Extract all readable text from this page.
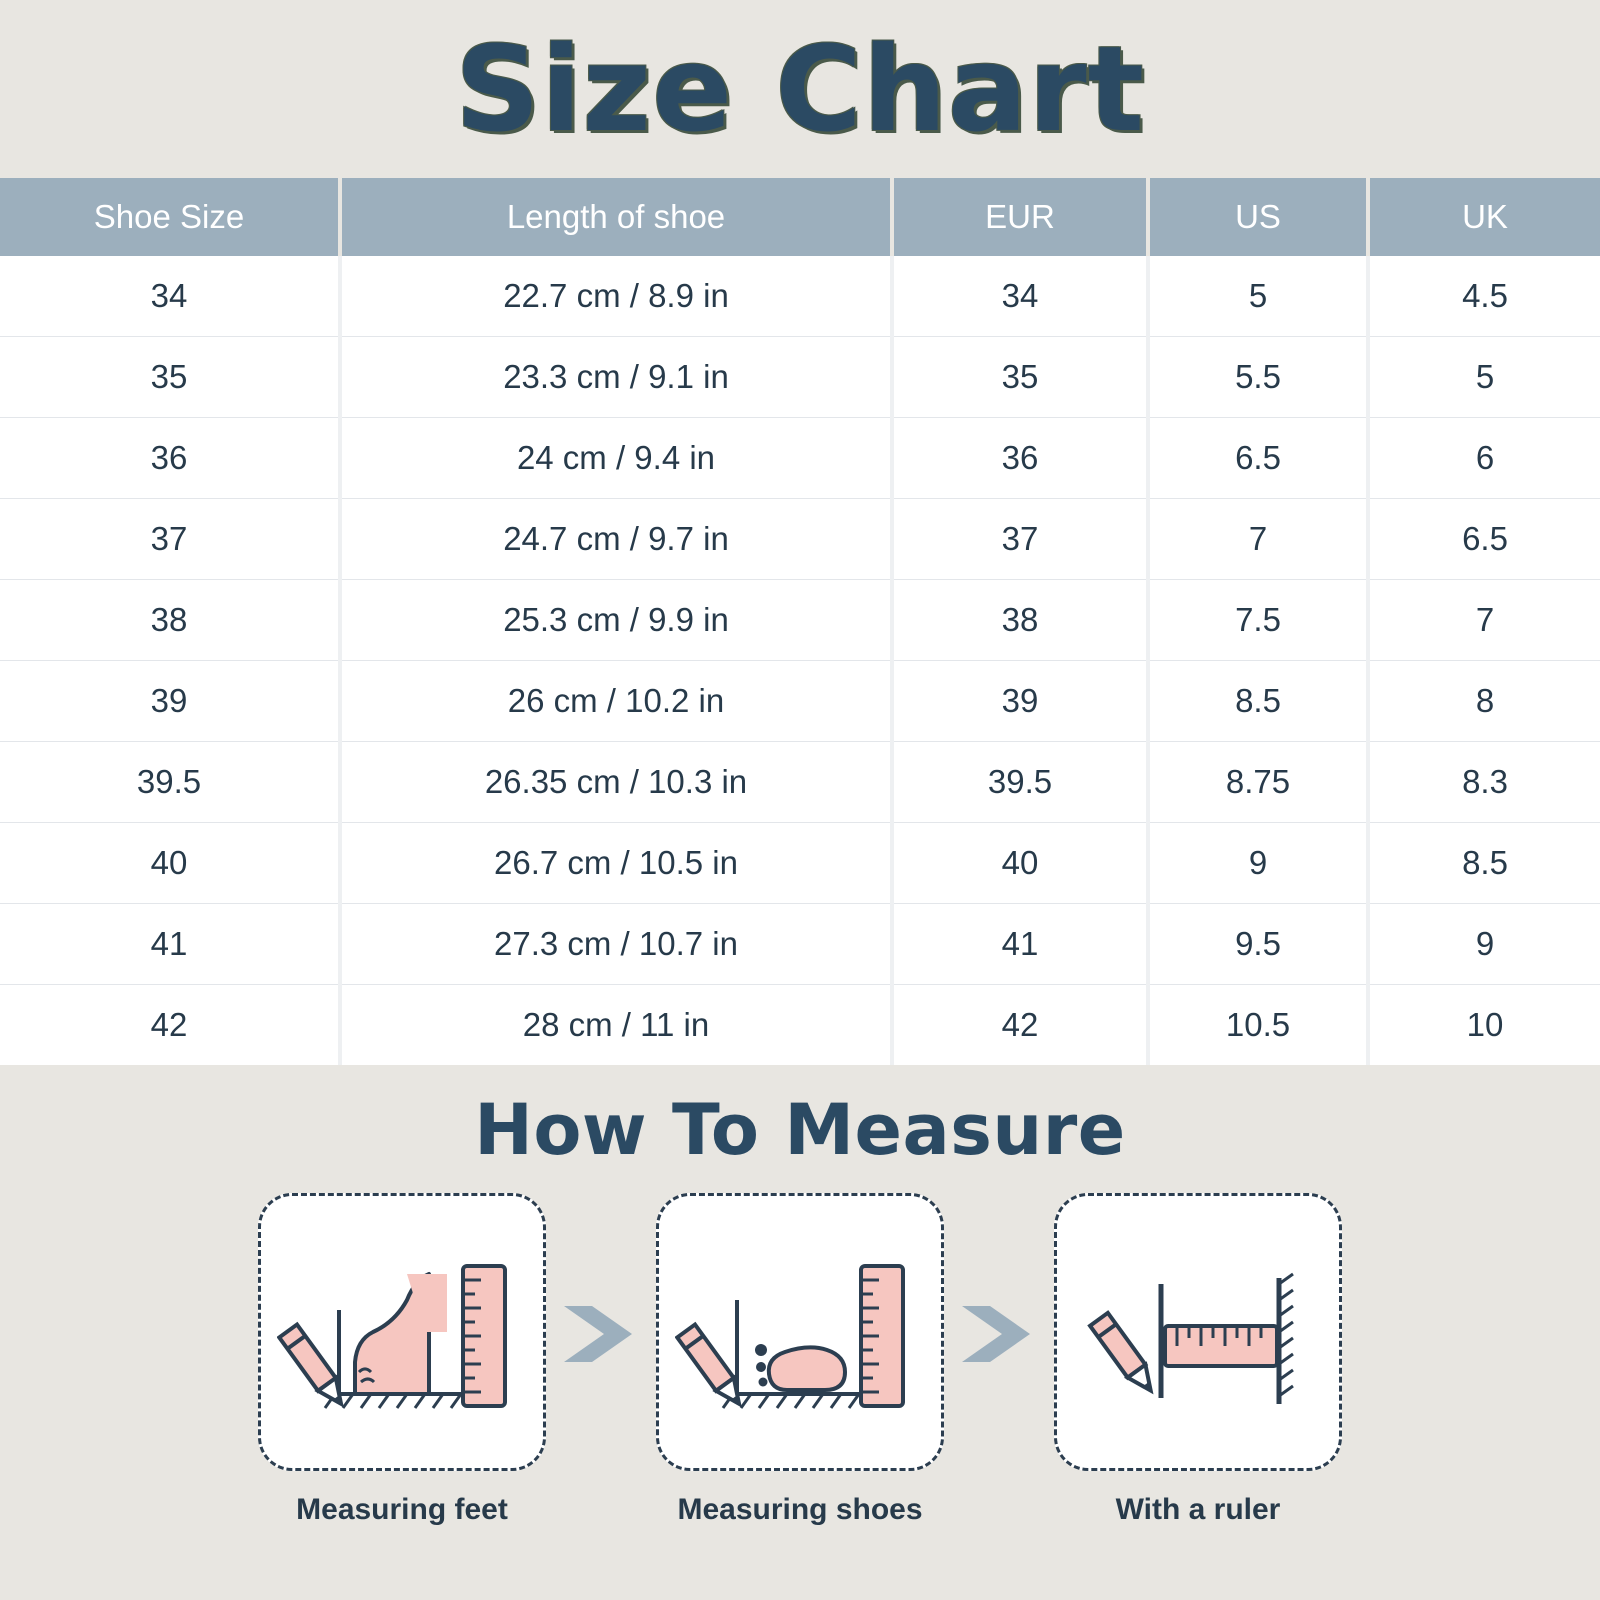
Size Chart
Shoe Size	Length of shoe	EUR	US	UK
34	22.7 cm / 8.9 in	34	5	4.5
35	23.3 cm / 9.1 in	35	5.5	5
36	24 cm / 9.4 in	36	6.5	6
37	24.7 cm / 9.7 in	37	7	6.5
38	25.3 cm / 9.9 in	38	7.5	7
39	26 cm / 10.2 in	39	8.5	8
39.5	26.35 cm / 10.3 in	39.5	8.75	8.3
40	26.7 cm / 10.5 in	40	9	8.5
41	27.3 cm / 10.7 in	41	9.5	9
42	28 cm / 11 in	42	10.5	10
How To Measure
Measuring feet	Measuring shoes	With a ruler
